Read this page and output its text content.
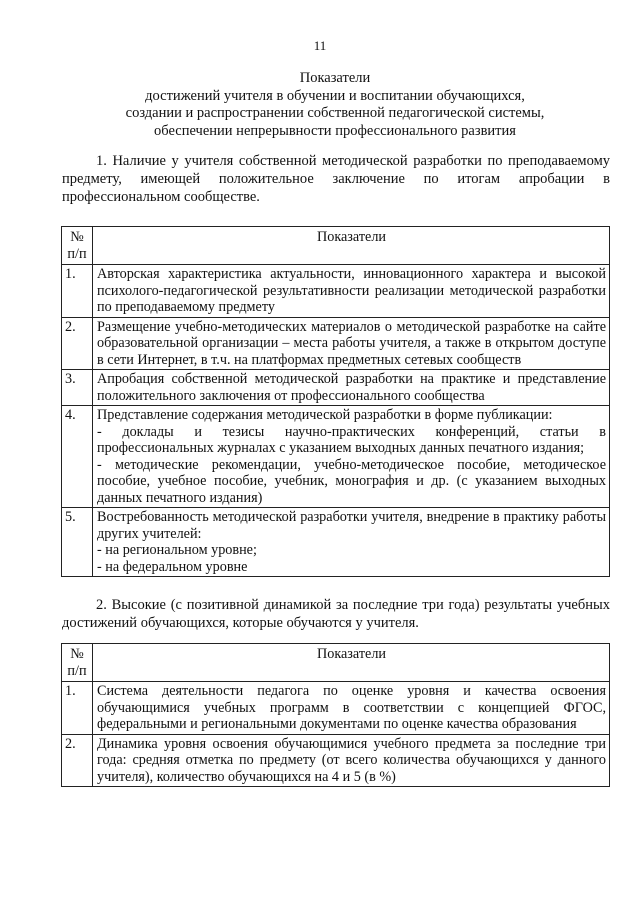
11
Показатели
достижений учителя в обучении и воспитании обучающихся,
создании и распространении собственной педагогической системы,
обеспечении непрерывности профессионального развития
1. Наличие у учителя собственной методической разработки по преподаваемому предмету, имеющей положительное заключение по итогам апробации в профессиональном сообществе.
№ п/п	Показатели
1.	Авторская характеристика актуальности, инновационного характера и высокой психолого-педагогической результативности реализации методической разработки по преподаваемому предмету

2.	Размещение учебно-методических материалов о методической разработке на сайте образовательной организации – места работы учителя, а также в открытом доступе в сети Интернет, в т.ч. на платформах предметных сетевых сообществ

3.	Апробация собственной методической разработки на практике и представление положительного заключения от профессионального сообщества

4.	Представление содержания методической разработки в форме публикации:
- доклады и тезисы научно-практических конференций, статьи в профессиональных журналах с указанием выходных данных печатного издания;
- методические рекомендации, учебно-методическое пособие, методическое пособие, учебное пособие, учебник, монография и др. (с указанием выходных данных печатного издания)

5.	Востребованность методической разработки учителя, внедрение в практику работы других учителей:
- на региональном уровне;
- на федеральном уровне
2. Высокие (с позитивной динамикой за последние три года) результаты учебных достижений обучающихся, которые обучаются у учителя.
№ п/п	Показатели
1.	Система деятельности педагога по оценке уровня и качества освоения обучающимися учебных программ в соответствии с концепцией ФГОС, федеральными и региональными документами по оценке качества образования

2.	Динамика уровня освоения обучающимися учебного предмета за последние три года: средняя отметка по предмету (от всего количества обучающихся у данного учителя), количество обучающихся на 4 и 5 (в %)
